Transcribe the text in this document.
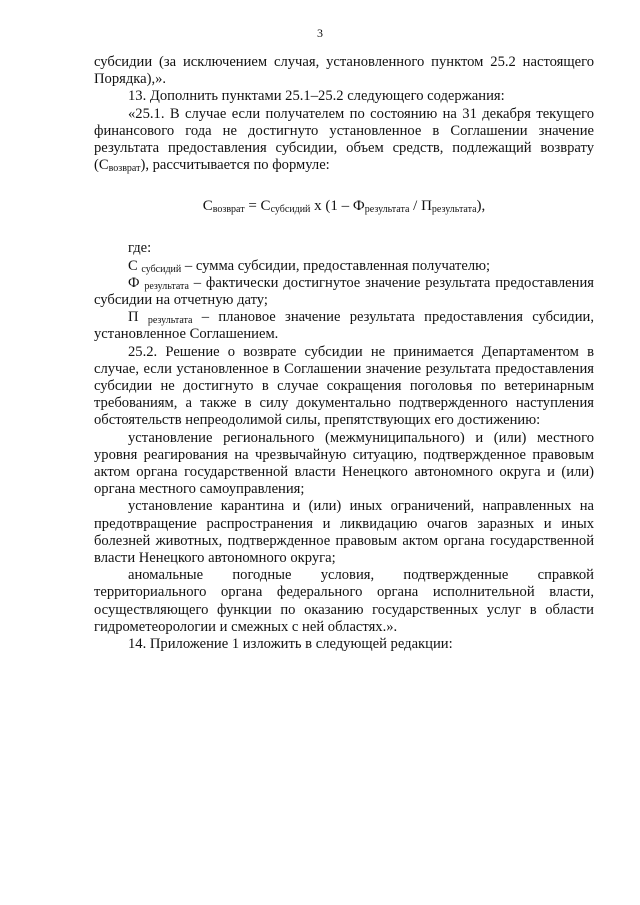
3

субсидии (за исключением случая, установленного пунктом 25.2 настоящего Порядка),».

13. Дополнить пунктами 25.1–25.2 следующего содержания:

«25.1. В случае если получателем по состоянию на 31 декабря текущего финансового года не достигнуто установленное в Соглашении значение результата предоставления субсидии, объем средств, подлежащий возврату $(С_{возврат})$, рассчитывается по формуле:

$С_{возврат} = С_{субсидий}$ х $(1 - Ф_{результата} / П_{результата})$,

где:

С $_{субсидий}$ – сумма субсидии, предоставленная получателю;

Ф $_{результата}$ – фактически достигнутое значение результата предоставления субсидии на отчетную дату;

П $_{результата}$ – плановое значение результата предоставления субсидии, установленное Соглашением.

25.2. Решение о возврате субсидии не принимается Департаментом в случае, если установленное в Соглашении значение результата предоставления субсидии не достигнуто в случае сокращения поголовья по ветеринарным требованиям, а также в силу документально подтвержденного наступления обстоятельств непреодолимой силы, препятствующих его достижению:

установление регионального (межмуниципального) и (или) местного уровня реагирования на чрезвычайную ситуацию, подтвержденное правовым актом органа государственной власти Ненецкого автономного округа и (или) органа местного самоуправления;

установление карантина и (или) иных ограничений, направленных на предотвращение распространения и ликвидацию очагов заразных и иных болезней животных, подтвержденное правовым актом органа государственной власти Ненецкого автономного округа;

аномальные погодные условия, подтвержденные справкой территориального органа федерального органа исполнительной власти, осуществляющего функции по оказанию государственных услуг в области гидрометеорологии и смежных с ней областях.».

14. Приложение 1 изложить в следующей редакции:
